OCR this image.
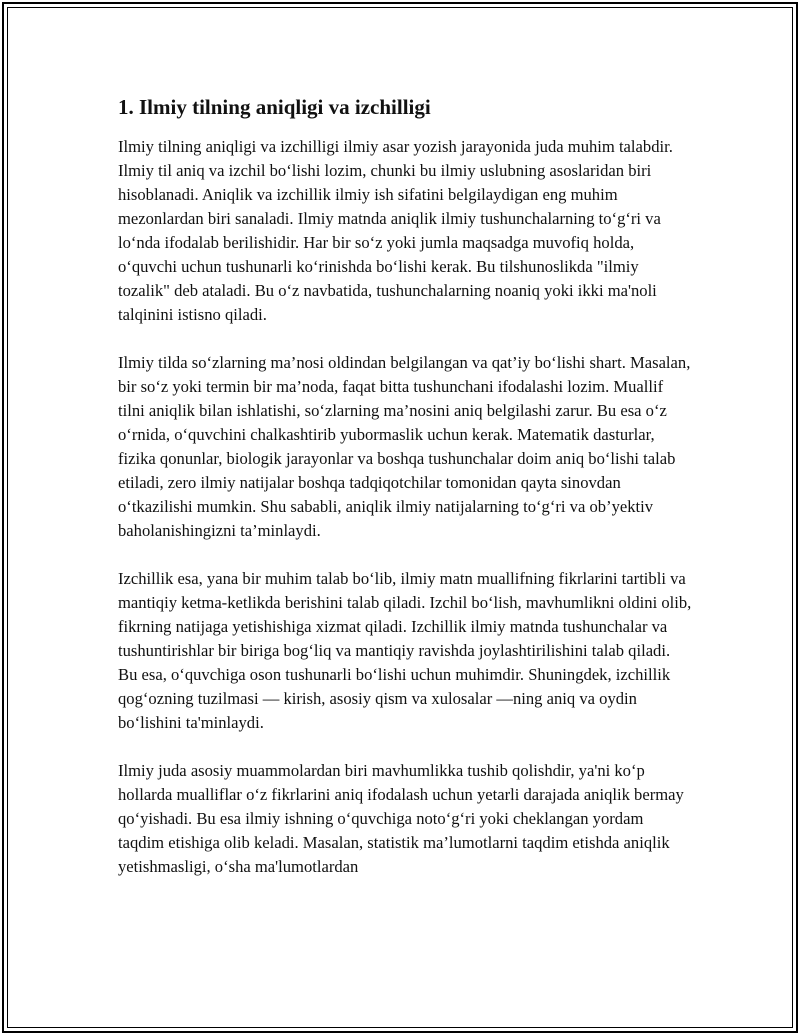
1. Ilmiy tilning aniqligi va izchilligi

Ilmiy tilning aniqligi va izchilligi ilmiy asar yozish jarayonida juda muhim talabdir. Ilmiy til aniq va izchil bo‘lishi lozim, chunki bu ilmiy uslubning asoslaridan biri hisoblanadi. Aniqlik va izchillik ilmiy ish sifatini belgilaydigan eng muhim mezonlardan biri sanaladi. Ilmiy matnda aniqlik ilmiy tushunchalarning to‘g‘ri va lo‘nda ifodalab berilishidir. Har bir so‘z yoki jumla maqsadga muvofiq holda, o‘quvchi uchun tushunarli ko‘rinishda bo‘lishi kerak. Bu tilshunoslikda "ilmiy tozalik" deb ataladi. Bu o‘z navbatida, tushunchalarning noaniq yoki ikki ma'noli talqinini istisno qiladi.

Ilmiy tilda so‘zlarning ma’nosi oldindan belgilangan va qat’iy bo‘lishi shart. Masalan, bir so‘z yoki termin bir ma’noda, faqat bitta tushunchani ifodalashi lozim. Muallif tilni aniqlik bilan ishlatishi, so‘zlarning ma’nosini aniq belgilashi zarur. Bu esa o‘z o‘rnida, o‘quvchini chalkashtirib yubormaslik uchun kerak. Matematik dasturlar, fizika qonunlar, biologik jarayonlar va boshqa tushunchalar doim aniq bo‘lishi talab etiladi, zero ilmiy natijalar boshqa tadqiqotchilar tomonidan qayta sinovdan o‘tkazilishi mumkin. Shu sababli, aniqlik ilmiy natijalarning to‘g‘ri va ob’yektiv baholanishingizni ta’minlaydi.

Izchillik esa, yana bir muhim talab bo‘lib, ilmiy matn muallifning fikrlarini tartibli va mantiqiy ketma-ketlikda berishini talab qiladi. Izchil bo‘lish, mavhumlikni oldini olib, fikrning natijaga yetishishiga xizmat qiladi. Izchillik ilmiy matnda tushunchalar va tushuntirishlar bir biriga bog‘liq va mantiqiy ravishda joylashtirilishini talab qiladi. Bu esa, o‘quvchiga oson tushunarli bo‘lishi uchun muhimdir. Shuningdek, izchillik qog‘ozning tuzilmasi — kirish, asosiy qism va xulosalar —ning aniq va oydin bo‘lishini ta'minlaydi.

Ilmiy juda asosiy muammolardan biri mavhumlikka tushib qolishdir, ya'ni ko‘p hollarda mualliflar o‘z fikrlarini aniq ifodalash uchun yetarli darajada aniqlik bermay qo‘yishadi. Bu esa ilmiy ishning o‘quvchiga noto‘g‘ri yoki cheklangan yordam taqdim etishiga olib keladi. Masalan, statistik ma’lumotlarni taqdim etishda aniqlik yetishmasligi, o‘sha ma'lumotlardan
